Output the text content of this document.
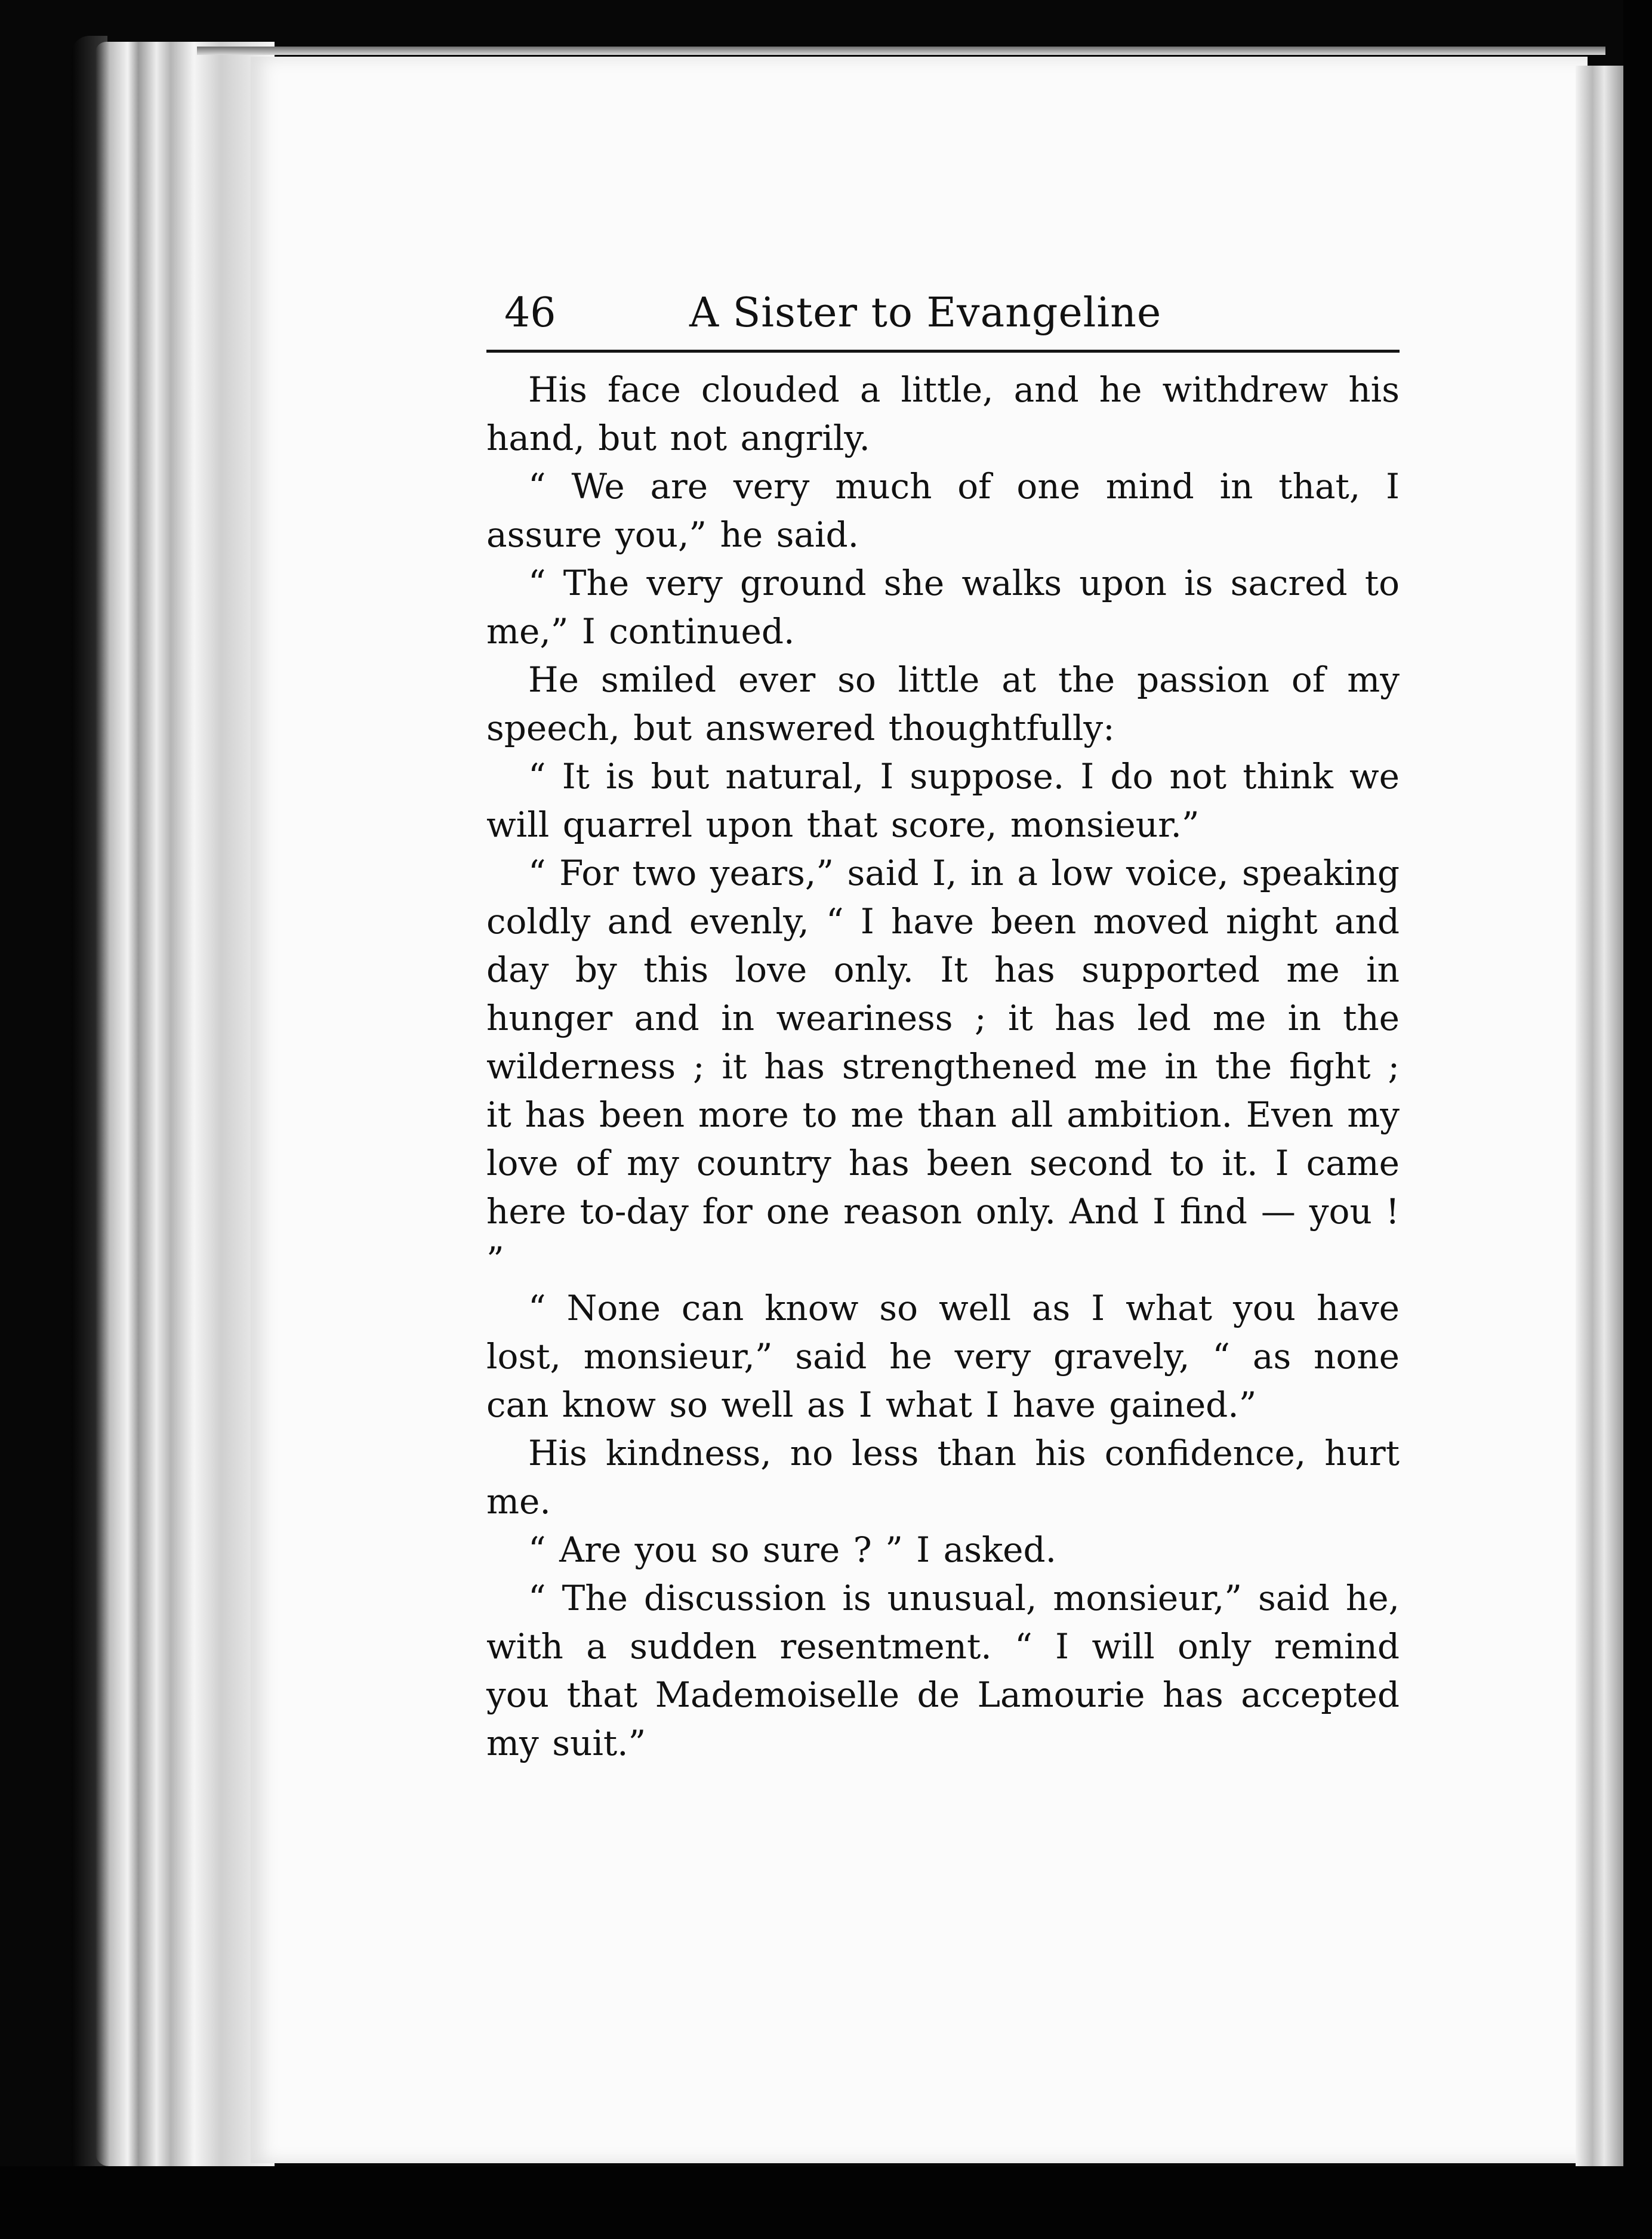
46	A Sister to Evangeline

His face clouded a little, and he withdrew his hand, but not angrily.

“ We are very much of one mind in that, I assure you,” he said.

“ The very ground she walks upon is sacred to me,” I continued.

He smiled ever so little at the passion of my speech, but answered thoughtfully:

“ It is but natural, I suppose. I do not think we will quarrel upon that score, monsieur.”

“ For two years,” said I, in a low voice, speaking coldly and evenly, “ I have been moved night and day by this love only. It has supported me in hunger and in weariness ; it has led me in the wilderness ; it has strengthened me in the fight ; it has been more to me than all ambition. Even my love of my country has been second to it. I came here to-day for one reason only. And I find — you ! ”

“ None can know so well as I what you have lost, monsieur,” said he very gravely, “ as none can know so well as I what I have gained.”

His kindness, no less than his confidence, hurt me.

“ Are you so sure ? ” I asked.

“ The discussion is unusual, monsieur,” said he, with a sudden resentment. “ I will only remind you that Mademoiselle de Lamourie has accepted my suit.”
